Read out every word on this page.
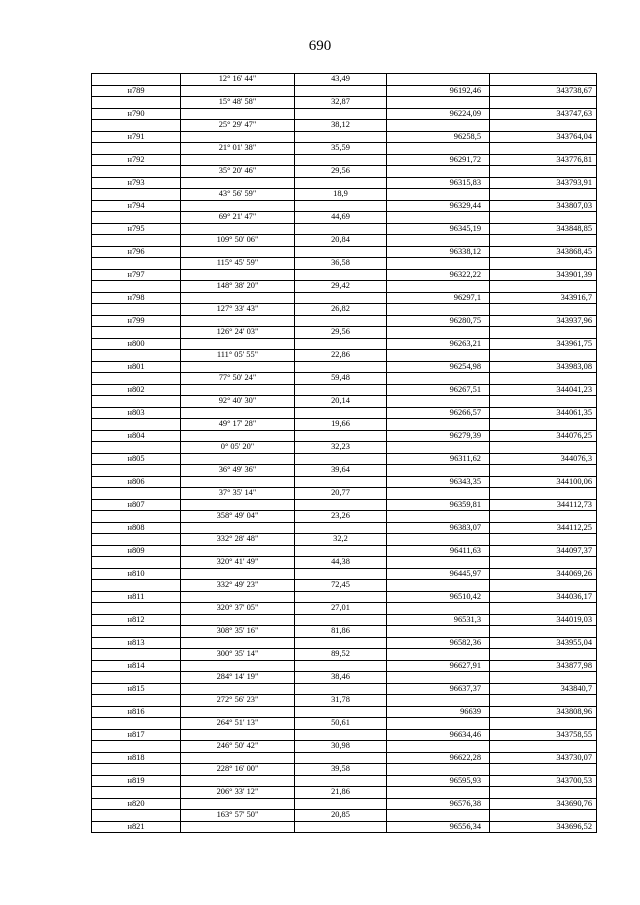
690
	12° 16' 44"	43,49		
н789			96192,46	343738,67
	15° 48' 58"	32,87		
н790			96224,09	343747,63
	25° 29' 47"	38,12		
н791			96258,5	343764,04
	21° 01' 38"	35,59		
н792			96291,72	343776,81
	35° 20' 46"	29,56		
н793			96315,83	343793,91
	43° 56' 59"	18,9		
н794			96329,44	343807,03
	69° 21' 47"	44,69		
н795			96345,19	343848,85
	109° 50' 06"	20,84		
н796			96338,12	343868,45
	115° 45' 59"	36,58		
н797			96322,22	343901,39
	148° 38' 20"	29,42		
н798			96297,1	343916,7
	127° 33' 43"	26,82		
н799			96280,75	343937,96
	126° 24' 03"	29,56		
н800			96263,21	343961,75
	111° 05' 55"	22,86		
н801			96254,98	343983,08
	77° 50' 24"	59,48		
н802			96267,51	344041,23
	92° 40' 30"	20,14		
н803			96266,57	344061,35
	49° 17' 28"	19,66		
н804			96279,39	344076,25
	0° 05' 20"	32,23		
н805			96311,62	344076,3
	36° 49' 36"	39,64		
н806			96343,35	344100,06
	37° 35' 14"	20,77		
н807			96359,81	344112,73
	358° 49' 04"	23,26		
н808			96383,07	344112,25
	332° 28' 48"	32,2		
н809			96411,63	344097,37
	320° 41' 49"	44,38		
н810			96445,97	344069,26
	332° 49' 23"	72,45		
н811			96510,42	344036,17
	320° 37' 05"	27,01		
н812			96531,3	344019,03
	308° 35' 16"	81,86		
н813			96582,36	343955,04
	300° 35' 14"	89,52		
н814			96627,91	343877,98
	284° 14' 19"	38,46		
н815			96637,37	343840,7
	272° 56' 23"	31,78		
н816			96639	343808,96
	264° 51' 13"	50,61		
н817			96634,46	343758,55
	246° 50' 42"	30,98		
н818			96622,28	343730,07
	228° 16' 00"	39,58		
н819			96595,93	343700,53
	206° 33' 12"	21,86		
н820			96576,38	343690,76
	163° 57' 50"	20,85		
н821			96556,34	343696,52
